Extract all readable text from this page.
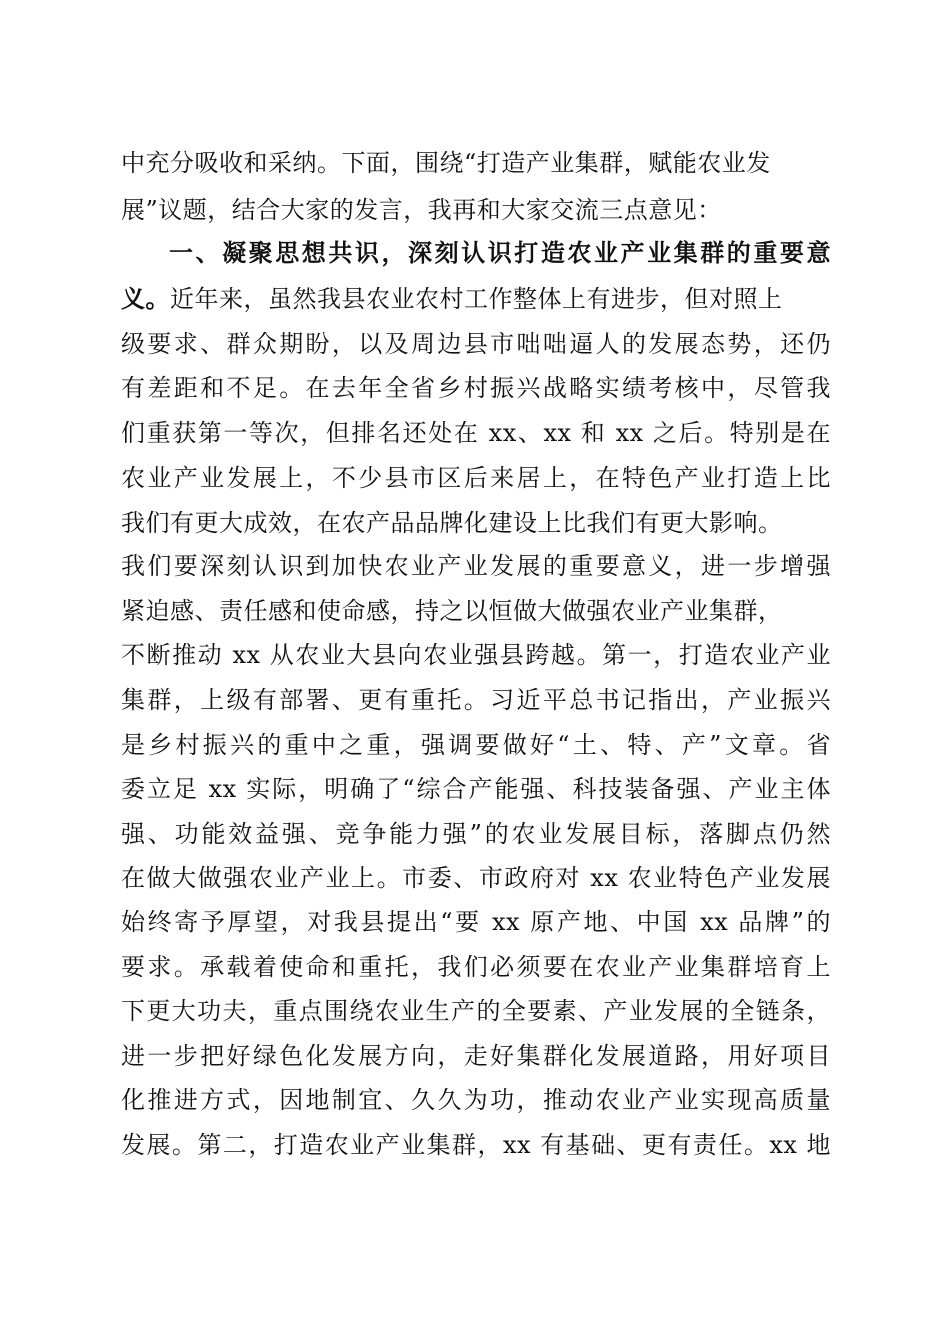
中充分吸收和采纳。下面，围绕“打造产业集群，赋能农业发
展”议题，结合大家的发言，我再和大家交流三点意见：
一、凝聚思想共识，深刻认识打造农业产业集群的重要意
义。近年来，虽然我县农业农村工作整体上有进步，但对照上
级要求、群众期盼，以及周边县市咄咄逼人的发展态势，还仍
有差距和不足。在去年全省乡村振兴战略实绩考核中，尽管我
们重获第一等次，但排名还处在 xx、xx 和 xx 之后。特别是在
农业产业发展上，不少县市区后来居上，在特色产业打造上比
我们有更大成效，在农产品品牌化建设上比我们有更大影响。
我们要深刻认识到加快农业产业发展的重要意义，进一步增强
紧迫感、责任感和使命感，持之以恒做大做强农业产业集群，
不断推动 xx 从农业大县向农业强县跨越。第一，打造农业产业
集群，上级有部署、更有重托。习近平总书记指出，产业振兴
是乡村振兴的重中之重，强调要做好“土、特、产”文章。省
委立足 xx 实际，明确了“综合产能强、科技装备强、产业主体
强、功能效益强、竞争能力强”的农业发展目标，落脚点仍然
在做大做强农业产业上。市委、市政府对 xx 农业特色产业发展
始终寄予厚望，对我县提出“要 xx 原产地、中国 xx 品牌”的
要求。承载着使命和重托，我们必须要在农业产业集群培育上
下更大功夫，重点围绕农业生产的全要素、产业发展的全链条，
进一步把好绿色化发展方向，走好集群化发展道路，用好项目
化推进方式，因地制宜、久久为功，推动农业产业实现高质量
发展。第二，打造农业产业集群，xx 有基础、更有责任。xx 地
